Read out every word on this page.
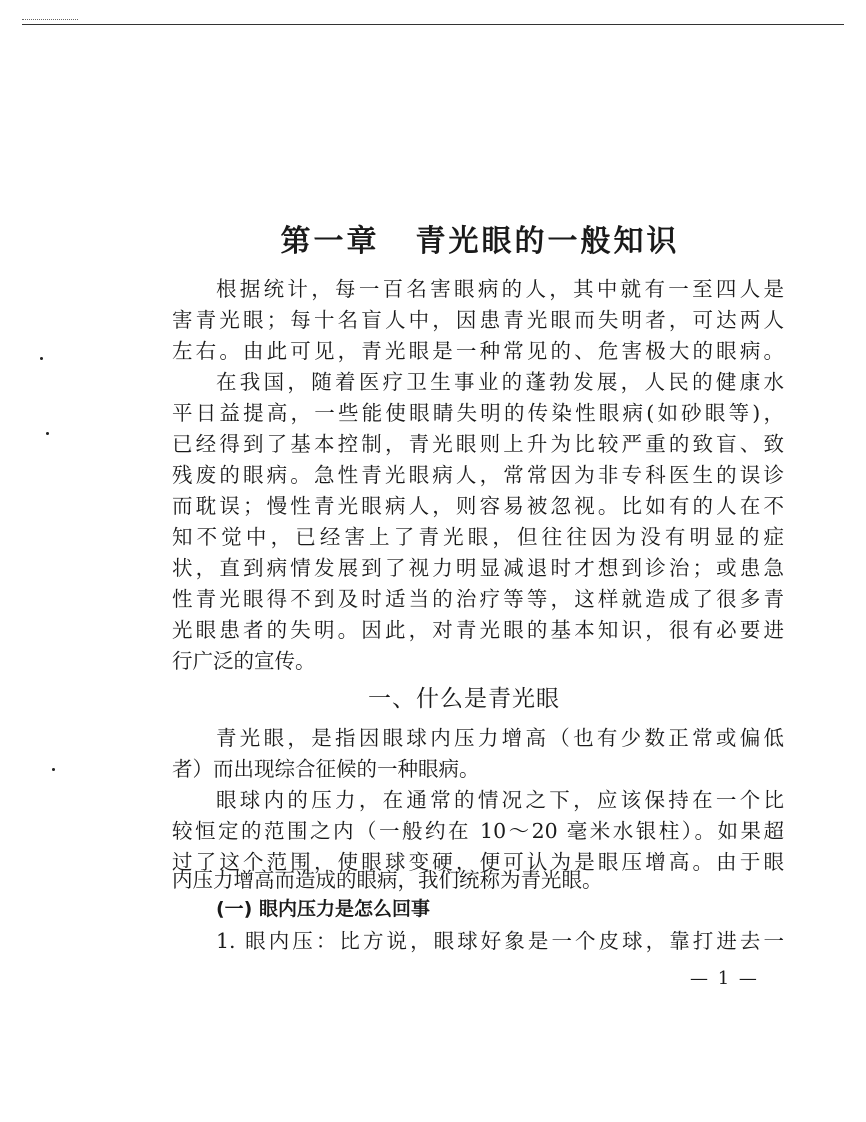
第一章 青光眼的一般知识
根据统计，每一百名害眼病的人，其中就有一至四人是
害青光眼；每十名盲人中，因患青光眼而失明者，可达两人
左右。由此可见，青光眼是一种常见的、危害极大的眼病。
在我国，随着医疗卫生事业的蓬勃发展，人民的健康水
平日益提高，一些能使眼睛失明的传染性眼病(如砂眼等)，
已经得到了基本控制，青光眼则上升为比较严重的致盲、致
残废的眼病。急性青光眼病人，常常因为非专科医生的误诊
而耽误；慢性青光眼病人，则容易被忽视。比如有的人在不
知不觉中，已经害上了青光眼，但往往因为没有明显的症
状，直到病情发展到了视力明显减退时才想到诊治；或患急
性青光眼得不到及时适当的治疗等等，这样就造成了很多青
光眼患者的失明。因此，对青光眼的基本知识，很有必要进
行广泛的宣传。
一、什么是青光眼
青光眼，是指因眼球内压力增高（也有少数正常或偏低
者）而出现综合征候的一种眼病。
眼球内的压力，在通常的情况之下，应该保持在一个比
较恒定的范围之内（一般约在 10～20 毫米水银柱）。如果超
过了这个范围，使眼球变硬，便可认为是眼压增高。由于眼
内压力增高而造成的眼病，我们统称为青光眼。
(一) 眼内压力是怎么回事
1. 眼内压：比方说，眼球好象是一个皮球，靠打进去一
— 1 —
